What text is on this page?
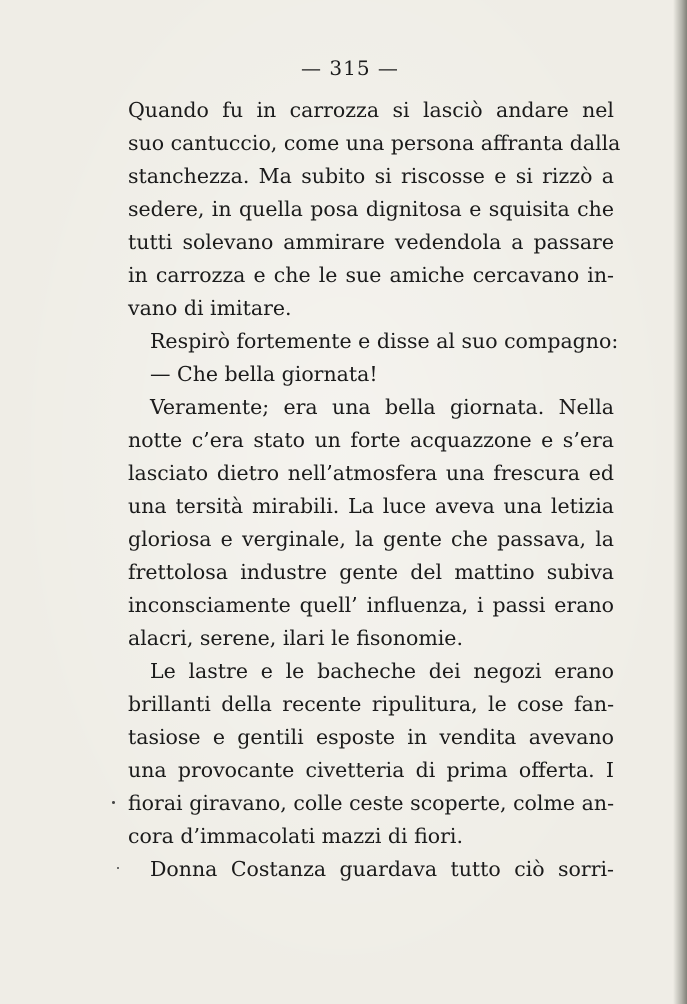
— 315 —
Quando fu in carrozza si lasciò andare nel
suo cantuccio, come una persona affranta dalla
stanchezza. Ma subito si riscosse e si rizzò a
sedere, in quella posa dignitosa e squisita che
tutti solevano ammirare vedendola a passare
in carrozza e che le sue amiche cercavano in-
vano di imitare.
Respirò fortemente e disse al suo compagno:
— Che bella giornata!
Veramente; era una bella giornata. Nella
notte c’era stato un forte acquazzone e s’era
lasciato dietro nell’atmosfera una frescura ed
una tersità mirabili. La luce aveva una letizia
gloriosa e verginale, la gente che passava, la
frettolosa industre gente del mattino subiva
inconsciamente quell’ influenza, i passi erano
alacri, serene, ilari le fisonomie.
Le lastre e le bacheche dei negozi erano
brillanti della recente ripulitura, le cose fan-
tasiose e gentili esposte in vendita avevano
una provocante civetteria di prima offerta. I
fiorai giravano, colle ceste scoperte, colme an-
cora d’immacolati mazzi di fiori.
Donna Costanza guardava tutto ciò sorri-
